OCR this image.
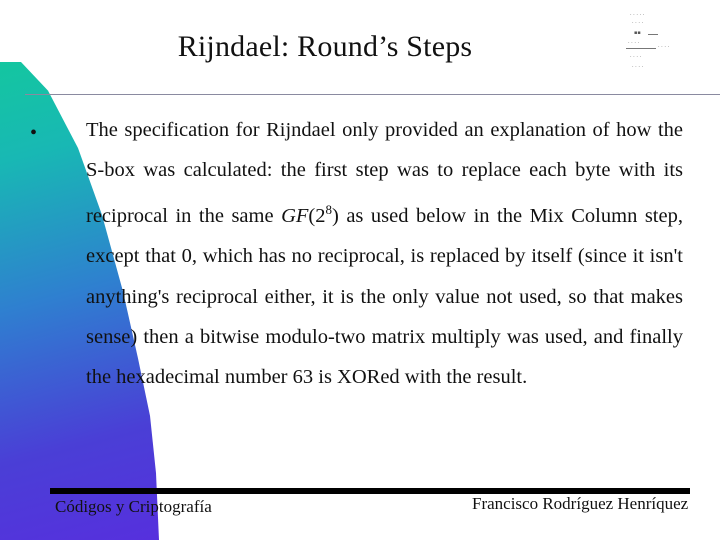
Rijndael: Round’s Steps
· · · · ·
· · · ·
▪▪
· · · ·
· · · ·
· · · ·
· · · ·
• The specification for Rijndael only provided an explanation of how the S-box was calculated: the first step was to replace each byte with its reciprocal in the same $GF(2^8)$ as used below in the Mix Column step, except that 0, which has no reciprocal, is replaced by itself (since it isn't anything's reciprocal either, it is the only value not used, so that makes sense) then a bitwise modulo-two matrix multiply was used, and finally the hexadecimal number 63 is XORed with the result.
Códigos y Criptografía	Francisco Rodríguez Henríquez
